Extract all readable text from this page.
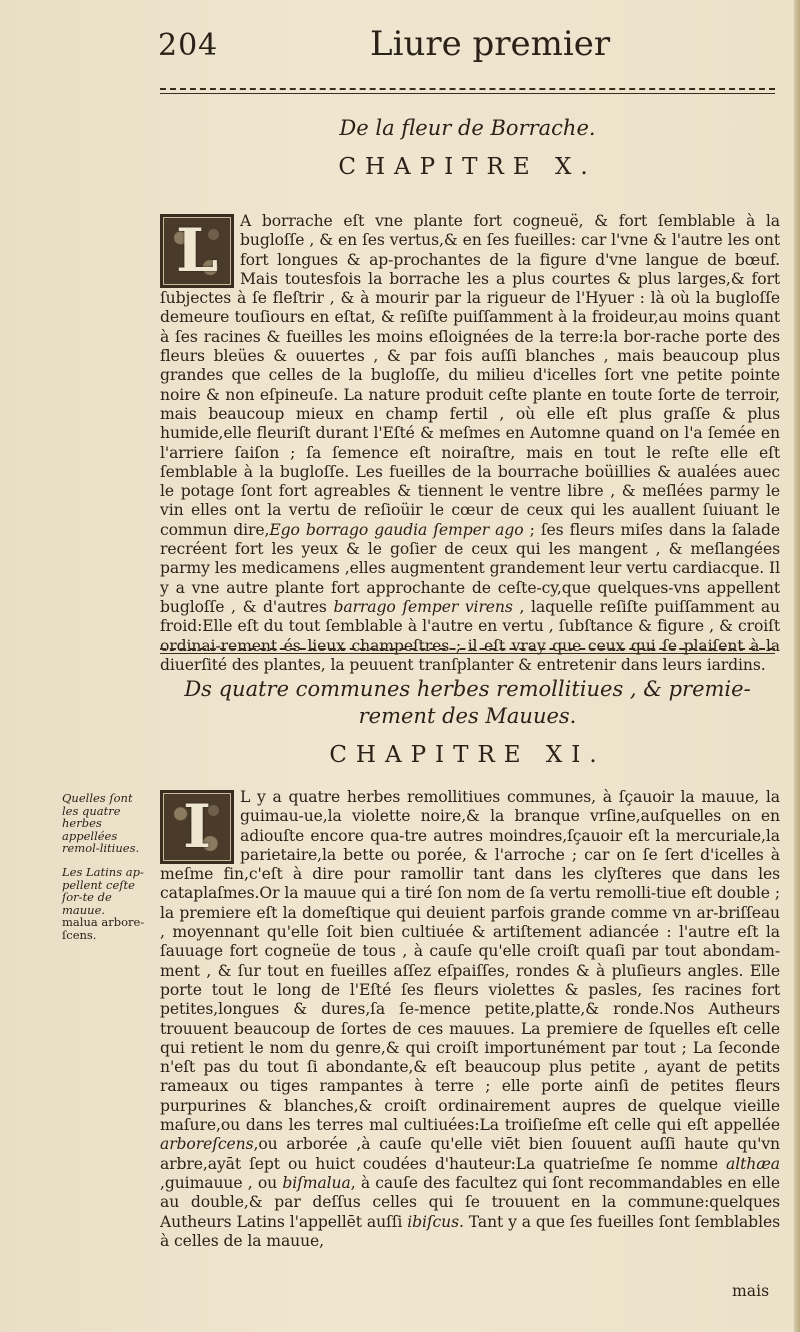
204	Liure premier
De la fleur de Borrache.
CHAPITRE X.
L	A borrache eſt vne plante fort cogneuë, & fort ſemblable à la bugloſſe , & en ſes vertus,& en ſes fueilles: car l'vne & l'autre les ont fort longues & ap-prochantes de la figure d'vne langue de bœuf. Mais toutesfois la borrache les a plus courtes & plus larges,& fort ſubjectes à ſe fleſtrir , & à mourir par la rigueur de l'Hyuer : là où la bugloſſe demeure touſiours en eſtat, & reſiſte puiſſamment à la froideur,au moins quant à ſes racines & fueilles les moins eſloignées de la terre:la bor-rache porte des fleurs bleües & ouuertes , & par fois auſſi blanches , mais beaucoup plus grandes que celles de la bugloſſe, du milieu d'icelles ſort vne petite pointe noire & non eſpineuſe. La nature produit ceſte plante en toute ſorte de terroir, mais beaucoup mieux en champ fertil , où elle eſt plus graſſe & plus humide,elle fleuriſt durant l'Eſté & meſmes en Automne quand on l'a ſemée en l'arriere ſaiſon ; ſa ſemence eſt noiraſtre, mais en tout le reſte elle eſt ſemblable à la bugloſſe. Les fueilles de la bourrache boüillies & aualées auec le potage ſont fort agreables & tiennent le ventre libre , & meſlées parmy le vin elles ont la vertu de reſioüir le cœur de ceux qui les auallent ſuiuant le commun dire,Ego borrago gaudia ſemper ago ; ſes fleurs miſes dans la ſalade recréent fort les yeux & le goſier de ceux qui les mangent , & meſlangées parmy les medicamens ,elles augmentent grandement leur vertu cardiacque. Il y a vne autre plante fort approchante de ceſte-cy,que quelques-vns appellent bugloſſe , & d'autres barrago ſemper virens , laquelle reſiſte puiſſamment au froid:Elle eſt du tout ſemblable à l'autre en vertu , ſubſtance & figure , & croiſt ordinai-rement és lieux champeſtres ; il eſt vray que ceux qui ſe plaiſent à la diuerſité des plantes, la peuuent tranſplanter & entretenir dans leurs iardins.

Ds quatre communes herbes remollitiues , & premie-
rement des Mauues.
CHAPITRE XI.
Quelles ſont les quatre herbes appellées remol-litiues.
Les Latins ap-pellent ceſte ſor-te de mauue.
malua arbore-ſcens.
I	L y a quatre herbes remollitiues communes, à ſçauoir la mauue, la guimau-ue,la violette noire,& la branque vrſine,auſquelles on en adiouſte encore qua-tre autres moindres,ſçauoir eſt la mercuriale,la parietaire,la bette ou porée, & l'arroche ; car on ſe ſert d'icelles à meſme fin,c'eſt à dire pour ramollir tant dans les clyſteres que dans les cataplaſmes.Or la mauue qui a tiré ſon nom de ſa vertu remolli-tiue eſt double ; la premiere eſt la domeſtique qui deuient parfois grande comme vn ar-briſſeau , moyennant qu'elle ſoit bien cultiuée & artiſtement adiancée : l'autre eſt la ſauuage fort cogneüe de tous , à cauſe qu'elle croiſt quaſi par tout abondam-ment , & ſur tout en fueilles aſſez eſpaiſſes, rondes & à pluſieurs angles. Elle porte tout le long de l'Eſté ſes fleurs violettes & pasles, ſes racines fort petites,longues & dures,ſa ſe-mence petite,platte,& ronde.Nos Autheurs trouuent beaucoup de ſortes de ces mauues. La premiere de ſquelles eſt celle qui retient le nom du genre,& qui croiſt importunément par tout ; La ſeconde n'eſt pas du tout ſi abondante,& eſt beaucoup plus petite , ayant de petits rameaux ou tiges rampantes à terre ; elle porte ainſi de petites fleurs purpurines & blanches,& croiſt ordinairement aupres de quelque vieille maſure,ou dans les terres mal cultiuées:La troiſieſme eſt celle qui eſt appellée arboreſcens,ou arborée ,à cauſe qu'elle viēt bien ſouuent auſſi haute qu'vn arbre,ayāt ſept ou huict coudées d'hauteur:La quatrieſme ſe nomme althæa ,guimauue , ou biſmalua, à cauſe des facultez qui ſont recommandables en elle au double,& par deſſus celles qui ſe trouuent en la commune:quelques Autheurs Latins l'appellēt auſſi ibiſcus. Tant y a que ſes fueilles ſont ſemblables à celles de la mauue,

mais
